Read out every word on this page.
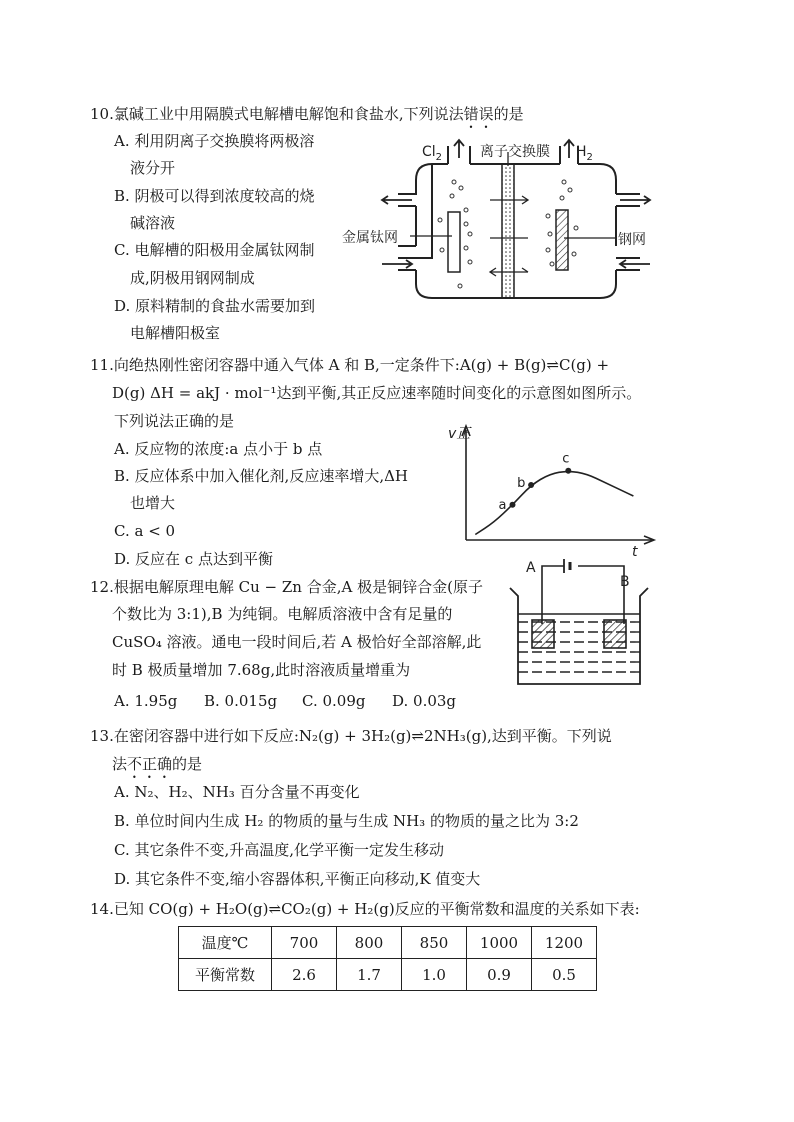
10.氯碱工业中用隔膜式电解槽电解饱和食盐水,下列说法错误的是
A. 利用阴离子交换膜将两极溶
液分开
B. 阴极可以得到浓度较高的烧
碱溶液
C. 电解槽的阳极用金属钛网制
成,阴极用钢网制成
D. 原料精制的食盐水需要加到
电解槽阳极室
$Cl_2$	离子交换膜 $H_2$
金属钛网	钢网
11.向绝热刚性密闭容器中通入气体 A 和 B,一定条件下:A(g) + B(g)⇌C(g) +
D(g) ΔH = akJ · mol⁻¹达到平衡,其正反应速率随时间变化的示意图如图所示。
下列说法正确的是
A. 反应物的浓度:a 点小于 b 点
B. 反应体系中加入催化剂,反应速率增大,ΔH
也增大
C. a < 0
D. 反应在 c 点达到平衡
v正
t
a
b
c
12.根据电解原理电解 Cu − Zn 合金,A 极是铜锌合金(原子
个数比为 3:1),B 为纯铜。电解质溶液中含有足量的
CuSO₄ 溶液。通电一段时间后,若 A 极恰好全部溶解,此
时 B 极质量增加 7.68g,此时溶液质量增重为
A. 1.95g B. 0.015g C. 0.09g D. 0.03g
A
B
13.在密闭容器中进行如下反应:N₂(g) + 3H₂(g)⇌2NH₃(g),达到平衡。下列说
法不正确的是
A. N₂、H₂、NH₃ 百分含量不再变化
B. 单位时间内生成 H₂ 的物质的量与生成 NH₃ 的物质的量之比为 3:2
C. 其它条件不变,升高温度,化学平衡一定发生移动
D. 其它条件不变,缩小容器体积,平衡正向移动,K 值变大
14.已知 CO(g) + H₂O(g)⇌CO₂(g) + H₂(g)反应的平衡常数和温度的关系如下表:
温度℃	700	800	850	1000	1200
平衡常数	2.6	1.7	1.0	0.9	0.5
